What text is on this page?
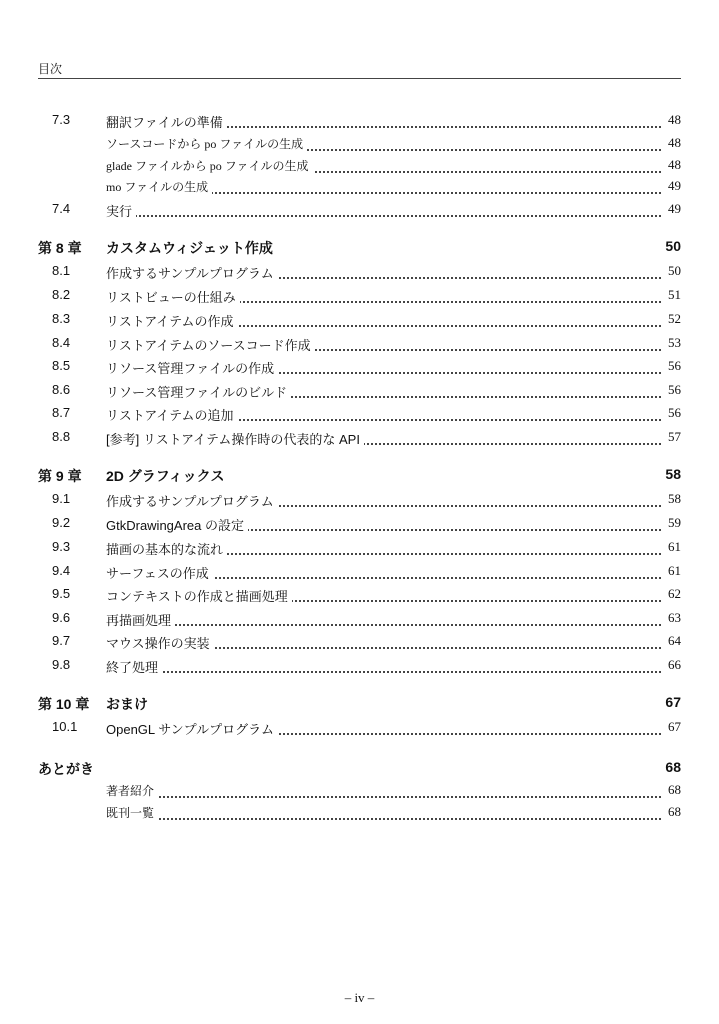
目次
7.3	翻訳ファイルの準備	48
ソースコードから po ファイルの生成	48
glade ファイルから po ファイルの生成	48
mo ファイルの生成	49
7.4	実行	49
第 8 章 カスタムウィジェット作成	50
8.1	作成するサンプルプログラム	50
8.2	リストビューの仕組み	51
8.3	リストアイテムの作成	52
8.4	リストアイテムのソースコード作成	53
8.5	リソース管理ファイルの作成	56
8.6	リソース管理ファイルのビルド	56
8.7	リストアイテムの追加	56
8.8	[参考] リストアイテム操作時の代表的な API	57
第 9 章 2D グラフィックス	58
9.1	作成するサンプルプログラム	58
9.2	GtkDrawingArea の設定	59
9.3	描画の基本的な流れ	61
9.4	サーフェスの作成	61
9.5	コンテキストの作成と描画処理	62
9.6	再描画処理	63
9.7	マウス操作の実装	64
9.8	終了処理	66
第 10 章 おまけ	67
10.1 OpenGL サンプルプログラム	67
あとがき	68
著者紹介	68
既刊一覧	68
– iv –
